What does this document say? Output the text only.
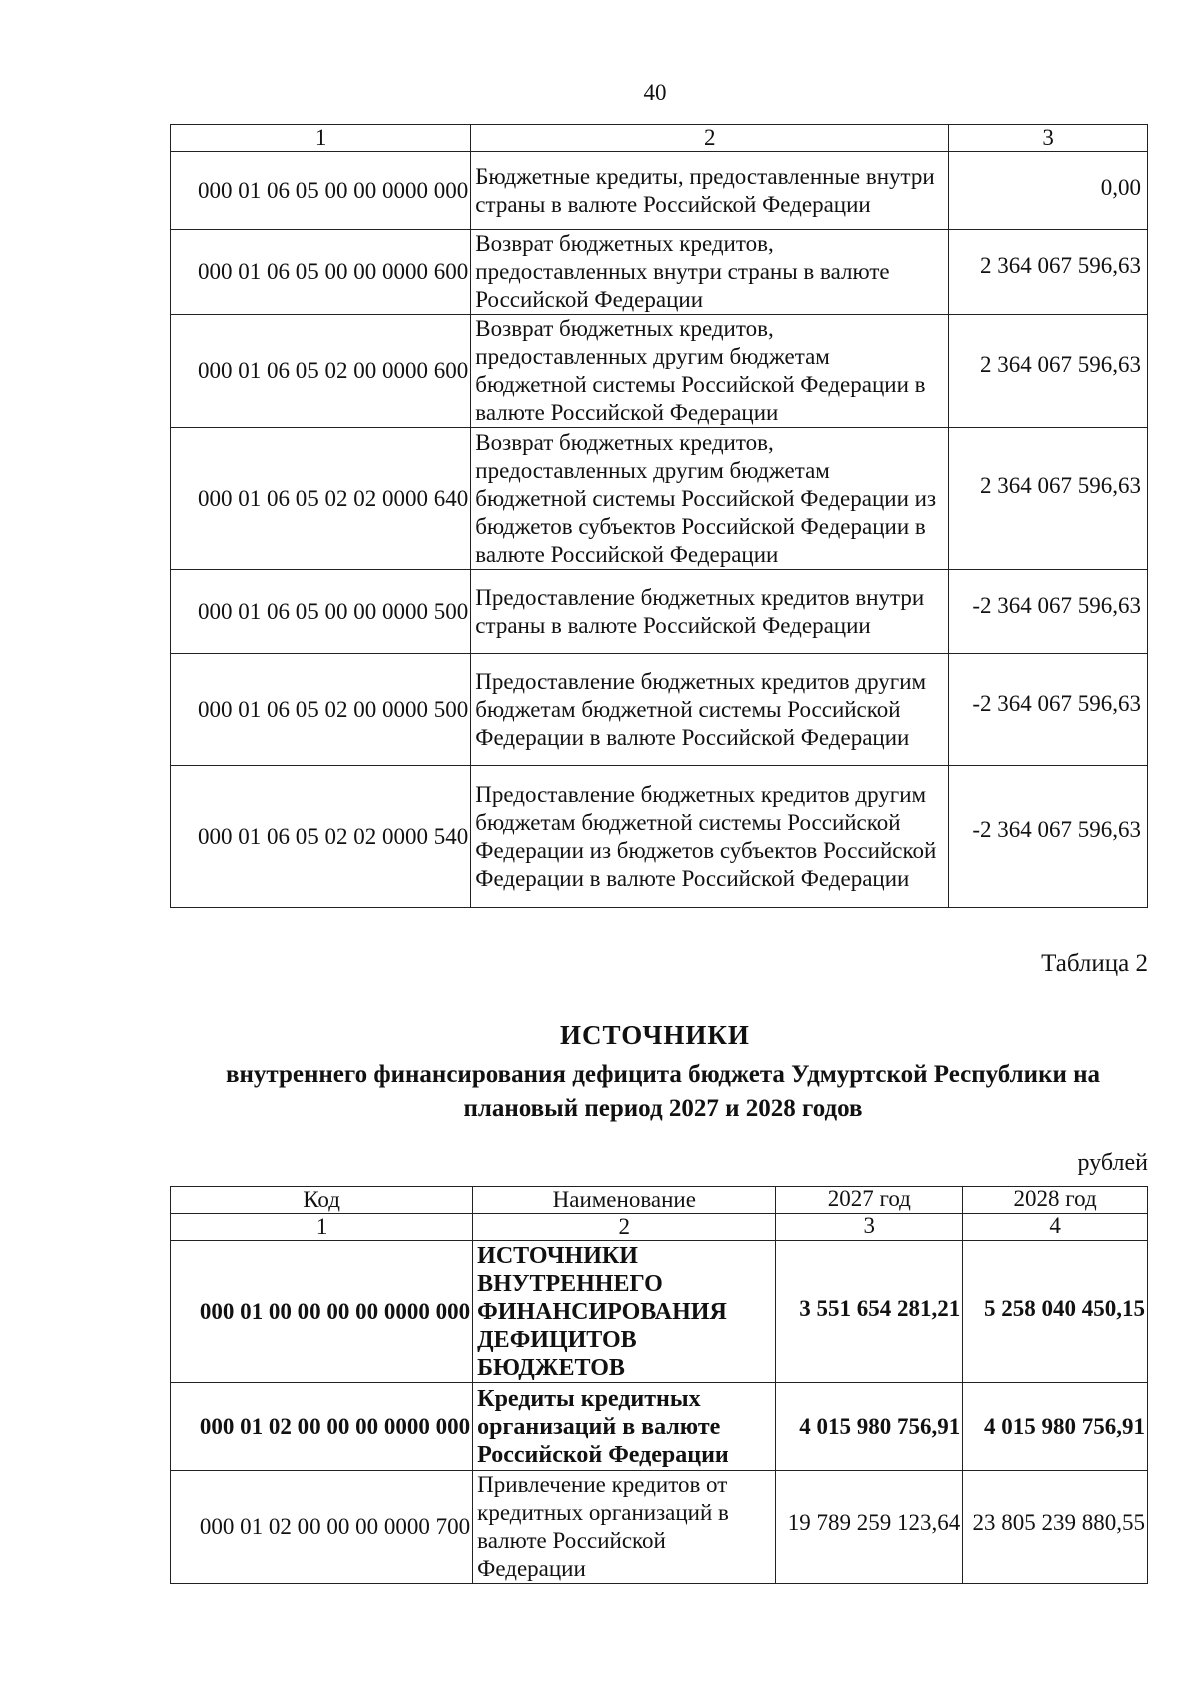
40
1	2	3
000 01 06 05 00 00 0000 000	Бюджетные кредиты, предоставленные внутри страны в валюте Российской Федерации	0,00
000 01 06 05 00 00 0000 600	Возврат бюджетных кредитов, предоставленных внутри страны в валюте Российской Федерации	2 364 067 596,63
000 01 06 05 02 00 0000 600	Возврат бюджетных кредитов, предоставленных другим бюджетам бюджетной системы Российской Федерации в валюте Российской Федерации	2 364 067 596,63
000 01 06 05 02 02 0000 640	Возврат бюджетных кредитов, предоставленных другим бюджетам бюджетной системы Российской Федерации из бюджетов субъектов Российской Федерации в валюте Российской Федерации	2 364 067 596,63
000 01 06 05 00 00 0000 500	Предоставление бюджетных кредитов внутри страны в валюте Российской Федерации	-2 364 067 596,63
000 01 06 05 02 00 0000 500	Предоставление бюджетных кредитов другим бюджетам бюджетной системы Российской Федерации в валюте Российской Федерации	-2 364 067 596,63
000 01 06 05 02 02 0000 540	Предоставление бюджетных кредитов другим бюджетам бюджетной системы Российской Федерации из бюджетов субъектов Российской Федерации в валюте Российской Федерации	-2 364 067 596,63
Таблица 2
ИСТОЧНИКИ
внутреннего финансирования дефицита бюджета Удмуртской Республики на плановый период 2027 и 2028 годов
рублей
Код	Наименование	2027 год	2028 год
1	2	3	4
000 01 00 00 00 00 0000 000	ИСТОЧНИКИ ВНУТРЕННЕГО ФИНАНСИРОВАНИЯ ДЕФИЦИТОВ БЮДЖЕТОВ	3 551 654 281,21	5 258 040 450,15
000 01 02 00 00 00 0000 000	Кредиты кредитных организаций в валюте Российской Федерации	4 015 980 756,91	4 015 980 756,91
000 01 02 00 00 00 0000 700	Привлечение кредитов от кредитных организаций в валюте Российской Федерации	19 789 259 123,64	23 805 239 880,55
